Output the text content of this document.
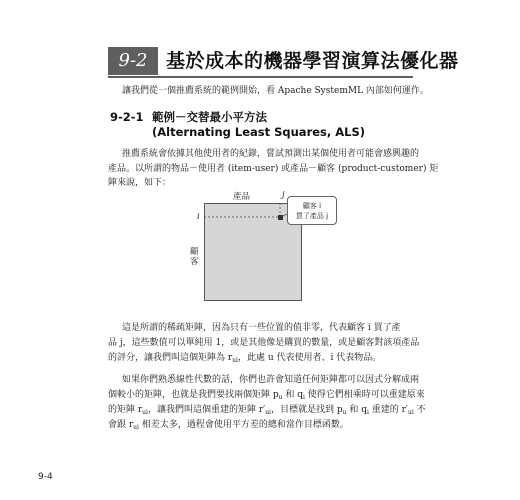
9-2 基於成本的機器學習演算法優化器
讓我們從一個推薦系統的範例開始，看 Apache SystemML 內部如何運作。
9-2-1 範例－交替最小平方法
(Alternating Least Squares, ALS)
推薦系統會依據其他使用者的紀錄，嘗試預測出某個使用者可能會感興趣的
產品。以所謂的物品－使用者 (item-user) 或產品－顧客 (product-customer) 矩
陣來說，如下：
產品	j
i
顧客
顧客 i
買了產品 j
這是所謂的稀疏矩陣，因為只有一些位置的值非零，代表顧客 i 買了產
品 j，這些數值可以單純用 1，或是其他像是購買的數量，或是顧客對該項產品
的評分，讓我們叫這個矩陣為 $r_{ui}$，此處 u 代表使用者、i 代表物品。
如果你們熟悉線性代數的話，你們也許會知道任何矩陣都可以因式分解成兩
個較小的矩陣，也就是我們要找兩個矩陣 $p_u$ 和 $q_i$ 使得它們相乘時可以重建原來
的矩陣 $r_{ui}$，讓我們叫這個重建的矩陣 $r'_{ui}$，目標就是找到 $p_u$ 和 $q_i$ 重建的 $r'_{ui}$ 不
會跟 $r_{ui}$ 相差太多，過程會使用平方差的總和當作目標函數。
9-4
